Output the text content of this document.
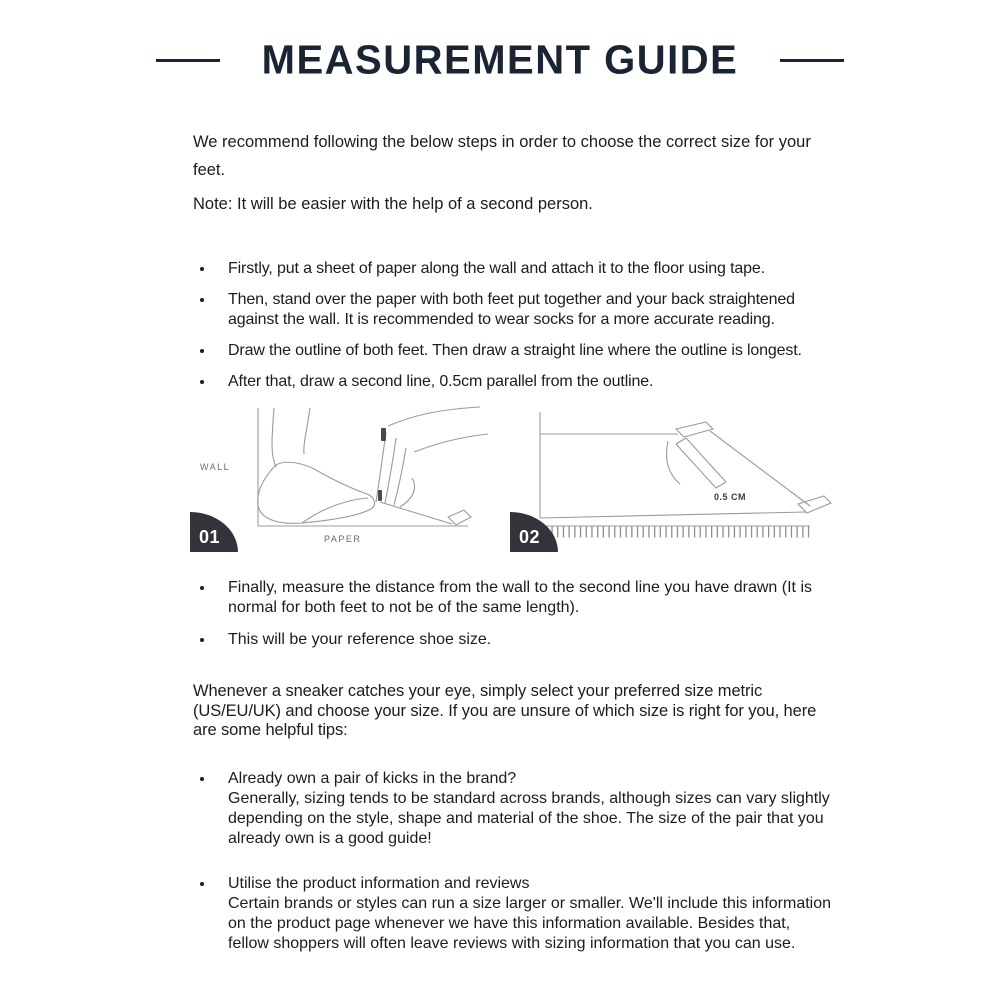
MEASUREMENT GUIDE

We recommend following the below steps in order to choose the correct size for your feet.

Note: It will be easier with the help of a second person.

• Firstly, put a sheet of paper along the wall and attach it to the floor using tape.
• Then, stand over the paper with both feet put together and your back straightened against the wall. It is recommended to wear socks for a more accurate reading.
• Draw the outline of both feet. Then draw a straight line where the outline is longest.
• After that, draw a second line, 0.5cm parallel from the outline.
WALL
PAPER
01
0.5 CM
02
• Finally, measure the distance from the wall to the second line you have drawn (It is normal for both feet to not be of the same length).
• This will be your reference shoe size.

Whenever a sneaker catches your eye, simply select your preferred size metric (US/EU/UK) and choose your size. If you are unsure of which size is right for you, here are some helpful tips:

• Already own a pair of kicks in the brand?
Generally, sizing tends to be standard across brands, although sizes can vary slightly depending on the style, shape and material of the shoe. The size of the pair that you already own is a good guide!
• Utilise the product information and reviews
Certain brands or styles can run a size larger or smaller. We'll include this information on the product page whenever we have this information available. Besides that, fellow shoppers will often leave reviews with sizing information that you can use.
